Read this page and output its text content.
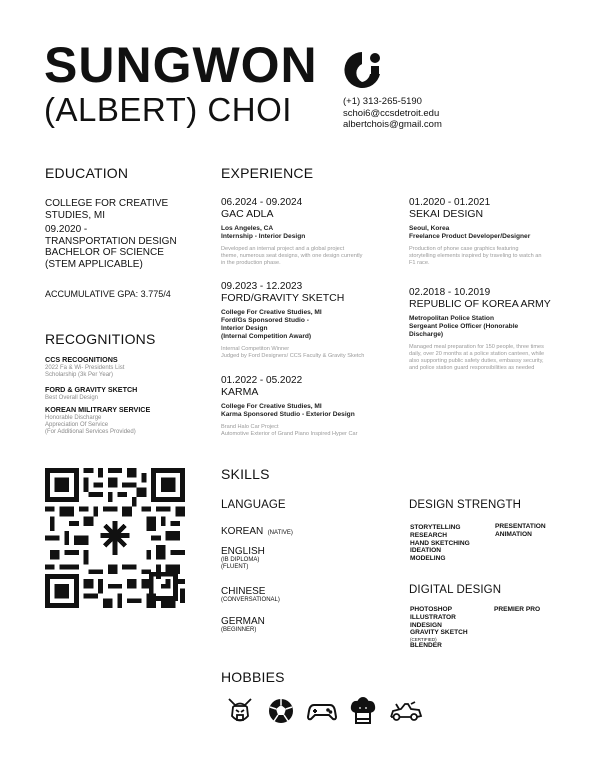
SUNGWON
(ALBERT) CHOI	(+1) 313-265-5190
schoi6@ccsdetroit.edu
albertchois@gmail.com
EDUCATION
COLLEGE FOR CREATIVE
STUDIES, MI
09.2020 -
TRANSPORTATION DESIGN
BACHELOR OF SCIENCE
(STEM APPLICABLE)
ACCUMULATIVE GPA: 3.775/4
RECOGNITIONS
CCS RECOGNITIONS
2022 Fa & Wi- Presidents List
Scholarship (3k Per Year)
FORD & GRAVITY SKETCH
Best Overall Design
KOREAN MILITRARY SERVICE
Honorable Discharge
Appreciation Of Service
(For Additional Services Provided)
EXPERIENCE
06.2024 - 09.2024
GAC ADLA
Los Angeles, CA
Internship - Interior Design
Developed an internal project and a global project
theme, numerous seat designs, with one design currently
in the production phase.
09.2023 - 12.2023
FORD/GRAVITY SKETCH
College For Creative Studies, MI
Ford/Gs Sponsored Studio -
Interior Design
(Internal Competition Award)
Internal Competiton Winner
Judged by Ford Designers/ CCS Faculty & Gravity Sketch
01.2022 - 05.2022
KARMA
College For Creative Studies, MI
Karma Sponsored Studio - Exterior Design
Brand Halo Car Project
Automotive Exterior of Grand Piano Inspired Hyper Car
01.2020 - 01.2021
SEKAI DESIGN
Seoul, Korea
Freelance Product Developer/Designer
Production of phone case graphics featuring
storytelling elements inspired by traveling to watch an
F1 race.
02.2018 - 10.2019
REPUBLIC OF KOREA ARMY
Metropolitan Police Station
Sergeant Police Officer (Honorable
Discharge)
Managed meal preparation for 150 people, three times
daily, over 20 months at a police station canteen, while
also supporting public safety duties, embassy security,
and police station guard responsibilities as needed
SKILLS
LANGUAGE
KOREAN (NATIVE)
ENGLISH
(IB DIPLOMA)
(FLUENT)
CHINESE
(CONVERSATIONAL)
GERMAN
(BEGINNER)
DESIGN STRENGTH
STORYTELLING
RESEARCH
HAND SKETCHING
IDEATION
MODELING
PRESENTATION
ANIMATION
DIGITAL DESIGN
PHOTOSHOP
ILLUSTRATOR
INDESIGN
GRAVITY SKETCH
(CERTIFIED)
BLENDER
PREMIER PRO
HOBBIES
